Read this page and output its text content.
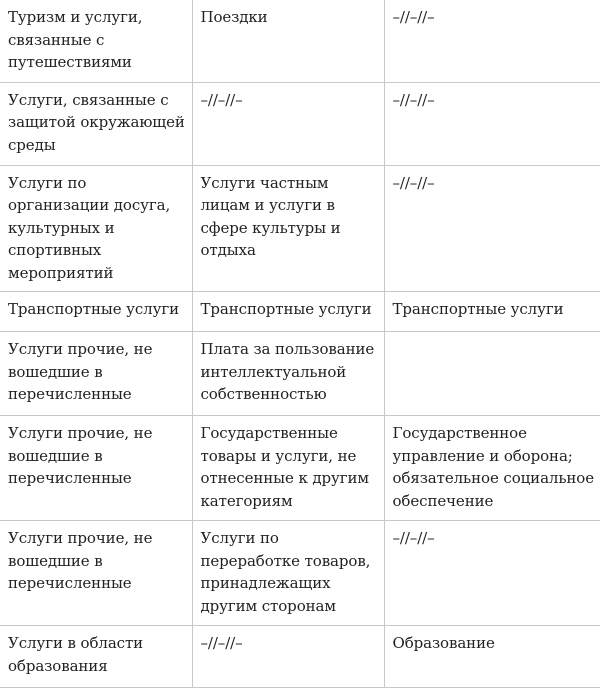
Туризм и услуги, связанные с путешествиями	Поездки	–//–//–
Услуги, связанные с защитой окружающей среды	–//–//–	–//–//–
Услуги по организации досуга, культурных и спортивных мероприятий	Услуги частным лицам и услуги в сфере культуры и отдыха	–//–//–
Транспортные услуги	Транспортные услуги	Транспортные услуги
Услуги прочие, не вошедшие в перечисленные	Плата за пользование интеллектуальной собственностью	
Услуги прочие, не вошедшие в перечисленные	Государственные товары и услуги, не отнесенные к другим категориям	Государственное управление и оборона; обязательное социальное обеспечение
Услуги прочие, не вошедшие в перечисленные	Услуги по переработке товаров, принадлежащих другим сторонам	–//–//–
Услуги в области образования	–//–//–	Образование
